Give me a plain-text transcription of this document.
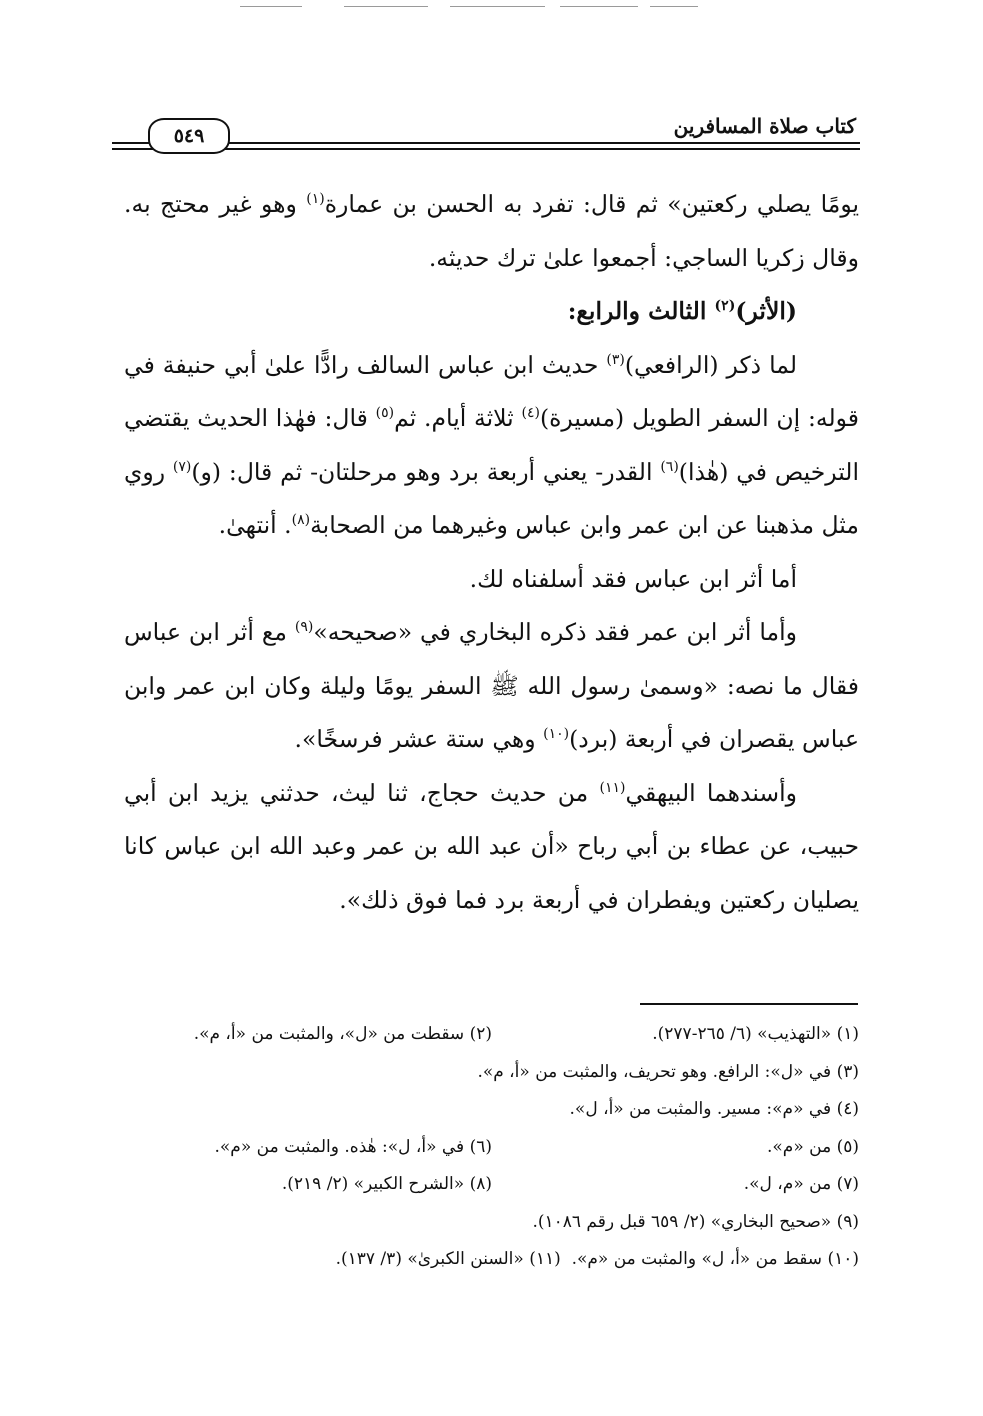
كتاب صلاة المسافرين
٥٤٩

يومًا يصلي ركعتين» ثم قال: تفرد به الحسن بن عمارة$^{(١)}$ وهو غير محتج به. وقال زكريا الساجي: أجمعوا علىٰ ترك حديثه.

(الأثر)$^{(٢)}$ الثالث والرابع:

لما ذكر (الرافعي)$^{(٣)}$ حديث ابن عباس السالف رادًّا علىٰ أبي حنيفة في قوله: إن السفر الطويل (مسيرة)$^{(٤)}$ ثلاثة أيام. ثم$^{(٥)}$ قال: فهٰذا الحديث يقتضي الترخيص في (هٰذا)$^{(٦)}$ القدر- يعني أربعة برد وهو مرحلتان- ثم قال: (و)$^{(٧)}$ روي مثل مذهبنا عن ابن عمر وابن عباس وغيرهما من الصحابة$^{(٨)}$. أنتهىٰ.

أما أثر ابن عباس فقد أسلفناه لك.

وأما أثر ابن عمر فقد ذكره البخاري في «صحيحه»$^{(٩)}$ مع أثر ابن عباس فقال ما نصه: «وسمىٰ رسول الله ﷺ السفر يومًا وليلة وكان ابن عمر وابن عباس يقصران في أربعة (برد)$^{(١٠)}$ وهي ستة عشر فرسخًا».

وأسندهما البيهقي$^{(١١)}$ من حديث حجاج، ثنا ليث، حدثني يزيد ابن أبي حبيب، عن عطاء بن أبي رباح «أن عبد الله بن عمر وعبد الله ابن عباس كانا يصليان ركعتين ويفطران في أربعة برد فما فوق ذلك».

(١) «التهذيب» (٦/ ٢٦٥-٢٧٧).
(٢) سقطت من «ل»، والمثبت من «أ، م».
(٣) في «ل»: الرافع. وهو تحريف، والمثبت من «أ، م».
(٤) في «م»: مسير. والمثبت من «أ، ل».
(٥) من «م».
(٦) في «أ، ل»: هٰذه. والمثبت من «م».
(٧) من «م، ل».
(٨) «الشرح الكبير» (٢/ ٢١٩).
(٩) «صحيح البخاري» (٢/ ٦٥٩ قبل رقم ١٠٨٦).
(١٠) سقط من «أ، ل» والمثبت من «م».  (١١) «السنن الكبرىٰ» (٣/ ١٣٧).
